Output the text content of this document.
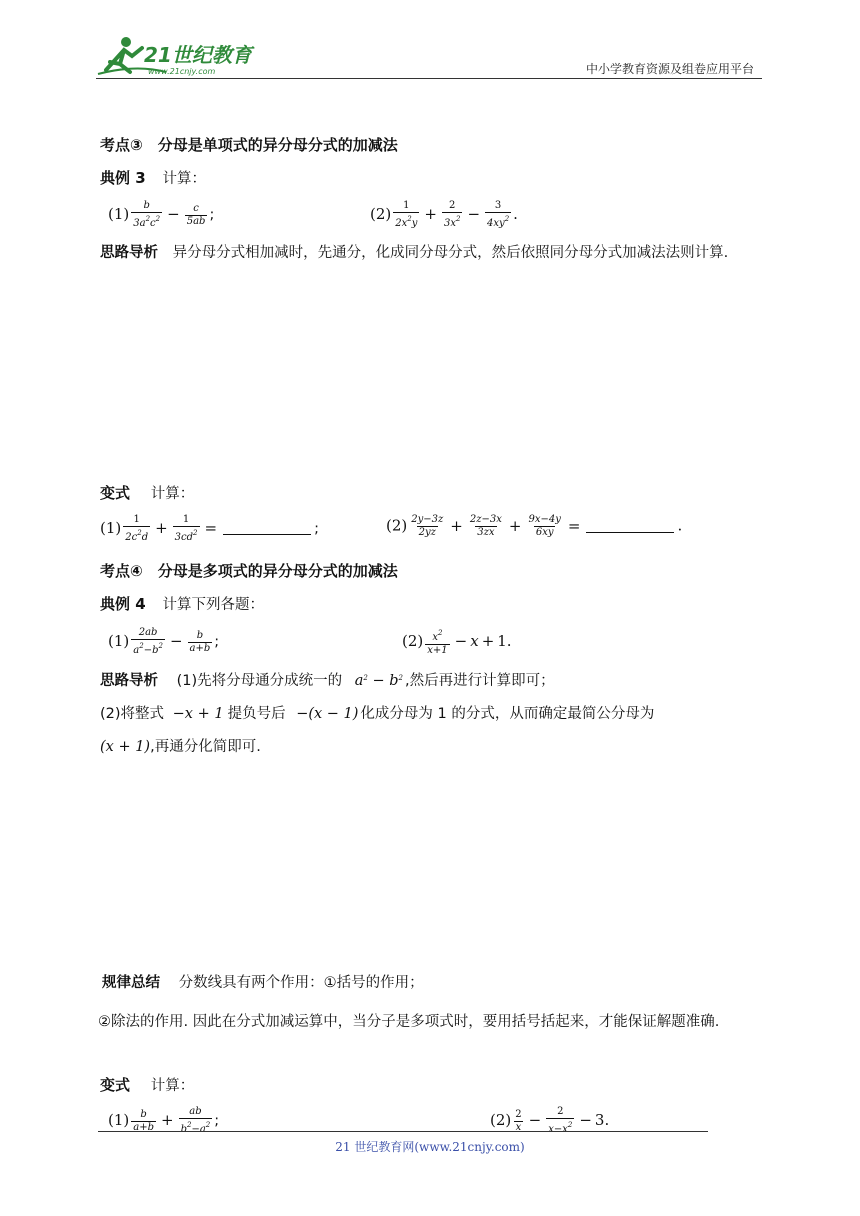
21世纪教育
www.21cnjy.com	中小学教育资源及组卷应用平台
考点③　分母是单项式的异分母分式的加减法
典例 3 计算：
$(1) \frac{b}{3a^2c^2} - \frac{c}{5ab}$ ;	$(2) \frac{1}{2x^2y} + \frac{2}{3x^2} - \frac{3}{4xy^2}$ .
思路导析 异分母分式相加减时，先通分，化成同分母分式，然后依照同分母分式加减法法则计算.
变式 计算：
$(1) \frac{1}{2c^2d} + \frac{1}{3cd^2}$ =	;	$(2) \frac{2y-3z}{2yz} + \frac{2z-3x}{3zx} + \frac{9x-4y}{6xy}$ =	.
考点④　分母是多项式的异分母分式的加减法
典例 4 计算下列各题：
$(1) \frac{2ab}{a^2-b^2} - \frac{b}{a+b}$ ;	$(2) \frac{x^2}{x+1} - x + 1$.
思路导析 (1)先将分母通分成统一的 $a^2 - b^2$ ,然后再进行计算即可；
(2)将整式 −x + 1 提负号后 −(x − 1) 化成分母为 1 的分式，从而确定最简公分母为
(x + 1),再通分化简即可.
规律总结 分数线具有两个作用：①括号的作用；
②除法的作用. 因此在分式加减运算中，当分子是多项式时，要用括号括起来，才能保证解题准确.
变式 计算：
$(1) \frac{b}{a+b} + \frac{ab}{b^2-a^2}$ ;	$(2) \frac{2}{x} - \frac{2}{x-x^2} - 3$.
21 世纪教育网(www.21cnjy.com)
